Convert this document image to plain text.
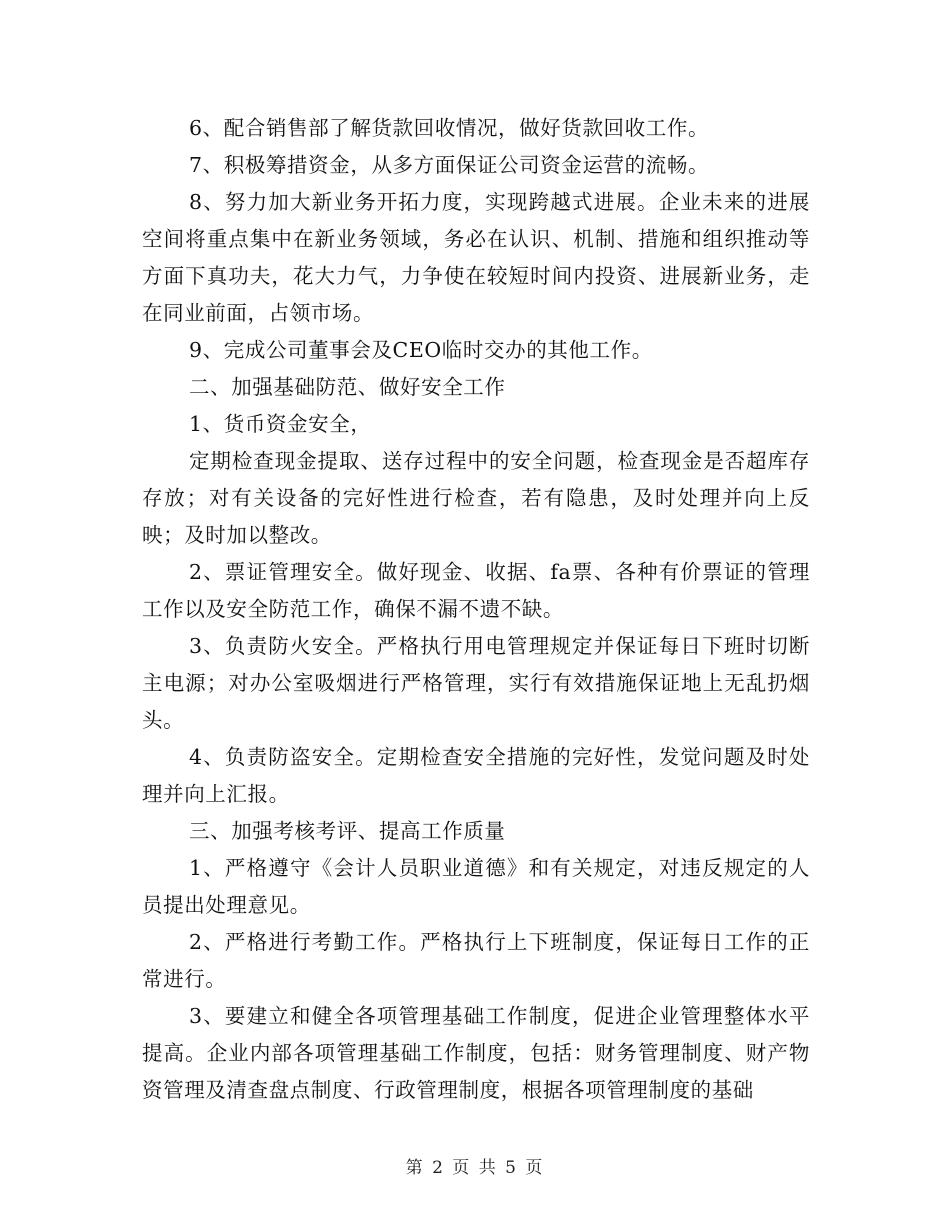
6、配合销售部了解货款回收情况，做好货款回收工作。

7、积极筹措资金，从多方面保证公司资金运营的流畅。

8、努力加大新业务开拓力度，实现跨越式进展。企业未来的进展空间将重点集中在新业务领域，务必在认识、机制、措施和组织推动等方面下真功夫，花大力气，力争使在较短时间内投资、进展新业务，走在同业前面，占领市场。

9、完成公司董事会及CEO临时交办的其他工作。

二、加强基础防范、做好安全工作

1、货币资金安全，

定期检查现金提取、送存过程中的安全问题，检查现金是否超库存存放；对有关设备的完好性进行检查，若有隐患，及时处理并向上反映；及时加以整改。

2、票证管理安全。做好现金、收据、fa票、各种有价票证的管理工作以及安全防范工作，确保不漏不遗不缺。

3、负责防火安全。严格执行用电管理规定并保证每日下班时切断主电源；对办公室吸烟进行严格管理，实行有效措施保证地上无乱扔烟头。

4、负责防盗安全。定期检查安全措施的完好性，发觉问题及时处理并向上汇报。

三、加强考核考评、提高工作质量

1、严格遵守《会计人员职业道德》和有关规定，对违反规定的人员提出处理意见。

2、严格进行考勤工作。严格执行上下班制度，保证每日工作的正常进行。

3、要建立和健全各项管理基础工作制度，促进企业管理整体水平提高。企业内部各项管理基础工作制度，包括：财务管理制度、财产物资管理及清查盘点制度、行政管理制度，根据各项管理制度的基础

第 2 页 共 5 页
